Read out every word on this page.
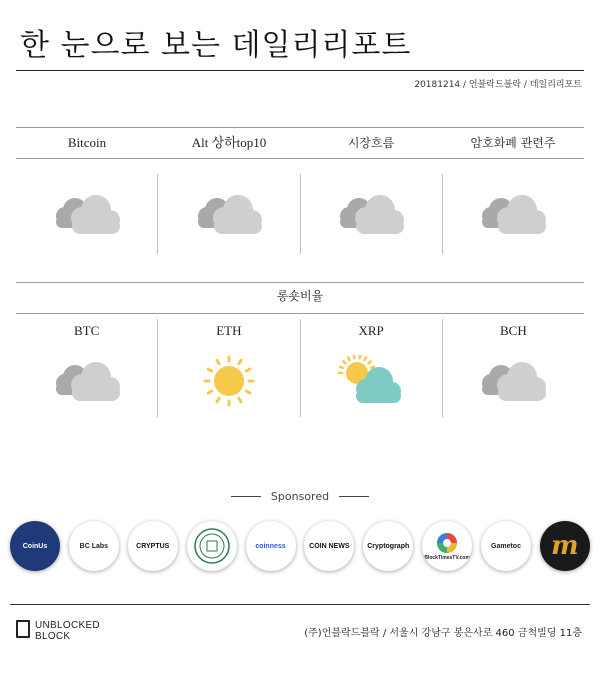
한 눈으로 보는 데일리리포트
20181214 / 언블락드블락 / 데일리리포트
Bitcoin	Alt 상하top10	시장흐름	암호화폐 관련주
롱숏비율
BTC	ETH	XRP	BCH
Sponsored
CoinUs	BC Labs	CRYPTUS	coinness	COIN NEWS	Cryptograph
BlockTimesTV.com
Gametoc m
UNBLOCKED
BLOCK	(주)언블락드블락 / 서울시 강남구 봉은사로 460 금척빌딩 11층
